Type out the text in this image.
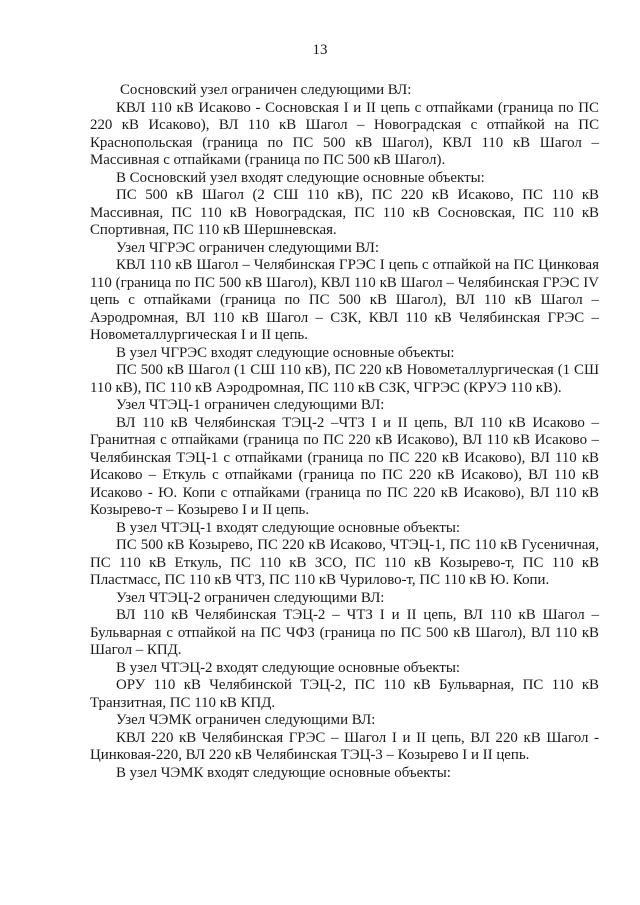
13

Сосновский узел ограничен следующими ВЛ:

КВЛ 110 кВ Исаково - Сосновская I и II цепь с отпайками (граница по ПС 220 кВ Исаково), ВЛ 110 кВ Шагол – Новоградская с отпайкой на ПС Краснопольская (граница по ПС 500 кВ Шагол), КВЛ 110 кВ Шагол – Массивная с отпайками (граница по ПС 500 кВ Шагол).

В Сосновский узел входят следующие основные объекты:

ПС 500 кВ Шагол (2 СШ 110 кВ), ПС 220 кВ Исаково, ПС 110 кВ Массивная, ПС 110 кВ Новоградская, ПС 110 кВ Сосновская, ПС 110 кВ Спортивная, ПС 110 кВ Шершневская.

Узел ЧГРЭС ограничен следующими ВЛ:

КВЛ 110 кВ Шагол – Челябинская ГРЭС I цепь с отпайкой на ПС Цинковая 110 (граница по ПС 500 кВ Шагол), КВЛ 110 кВ Шагол – Челябинская ГРЭС IV цепь с отпайками (граница по ПС 500 кВ Шагол), ВЛ 110 кВ Шагол – Аэродромная, ВЛ 110 кВ Шагол – СЗК, КВЛ 110 кВ Челябинская ГРЭС – Новометаллургическая I и II цепь.

В узел ЧГРЭС входят следующие основные объекты:

ПС 500 кВ Шагол (1 СШ 110 кВ), ПС 220 кВ Новометаллургическая (1 СШ 110 кВ), ПС 110 кВ Аэродромная, ПС 110 кВ СЗК, ЧГРЭС (КРУЭ 110 кВ).

Узел ЧТЭЦ-1 ограничен следующими ВЛ:

ВЛ 110 кВ Челябинская ТЭЦ-2 –ЧТЗ I и II цепь, ВЛ 110 кВ Исаково – Гранитная с отпайками (граница по ПС 220 кВ Исаково), ВЛ 110 кВ Исаково – Челябинская ТЭЦ-1 с отпайками (граница по ПС 220 кВ Исаково), ВЛ 110 кВ Исаково – Еткуль с отпайками (граница по ПС 220 кВ Исаково), ВЛ 110 кВ Исаково - Ю. Копи с отпайками (граница по ПС 220 кВ Исаково), ВЛ 110 кВ Козырево-т – Козырево I и II цепь.

В узел ЧТЭЦ-1 входят следующие основные объекты:

ПС 500 кВ Козырево, ПС 220 кВ Исаково, ЧТЭЦ-1, ПС 110 кВ Гусеничная, ПС 110 кВ Еткуль, ПС 110 кВ ЗСО, ПС 110 кВ Козырево-т, ПС 110 кВ Пластмасс, ПС 110 кВ ЧТЗ, ПС 110 кВ Чурилово-т, ПС 110 кВ Ю. Копи.

Узел ЧТЭЦ-2 ограничен следующими ВЛ:

ВЛ 110 кВ Челябинская ТЭЦ-2 – ЧТЗ I и II цепь, ВЛ 110 кВ Шагол – Бульварная с отпайкой на ПС ЧФЗ (граница по ПС 500 кВ Шагол), ВЛ 110 кВ Шагол – КПД.

В узел ЧТЭЦ-2 входят следующие основные объекты:

ОРУ 110 кВ Челябинской ТЭЦ-2, ПС 110 кВ Бульварная, ПС 110 кВ Транзитная, ПС 110 кВ КПД.

Узел ЧЭМК ограничен следующими ВЛ:

КВЛ 220 кВ Челябинская ГРЭС – Шагол I и II цепь, ВЛ 220 кВ Шагол - Цинковая-220, ВЛ 220 кВ Челябинская ТЭЦ-3 – Козырево I и II цепь.

В узел ЧЭМК входят следующие основные объекты:
